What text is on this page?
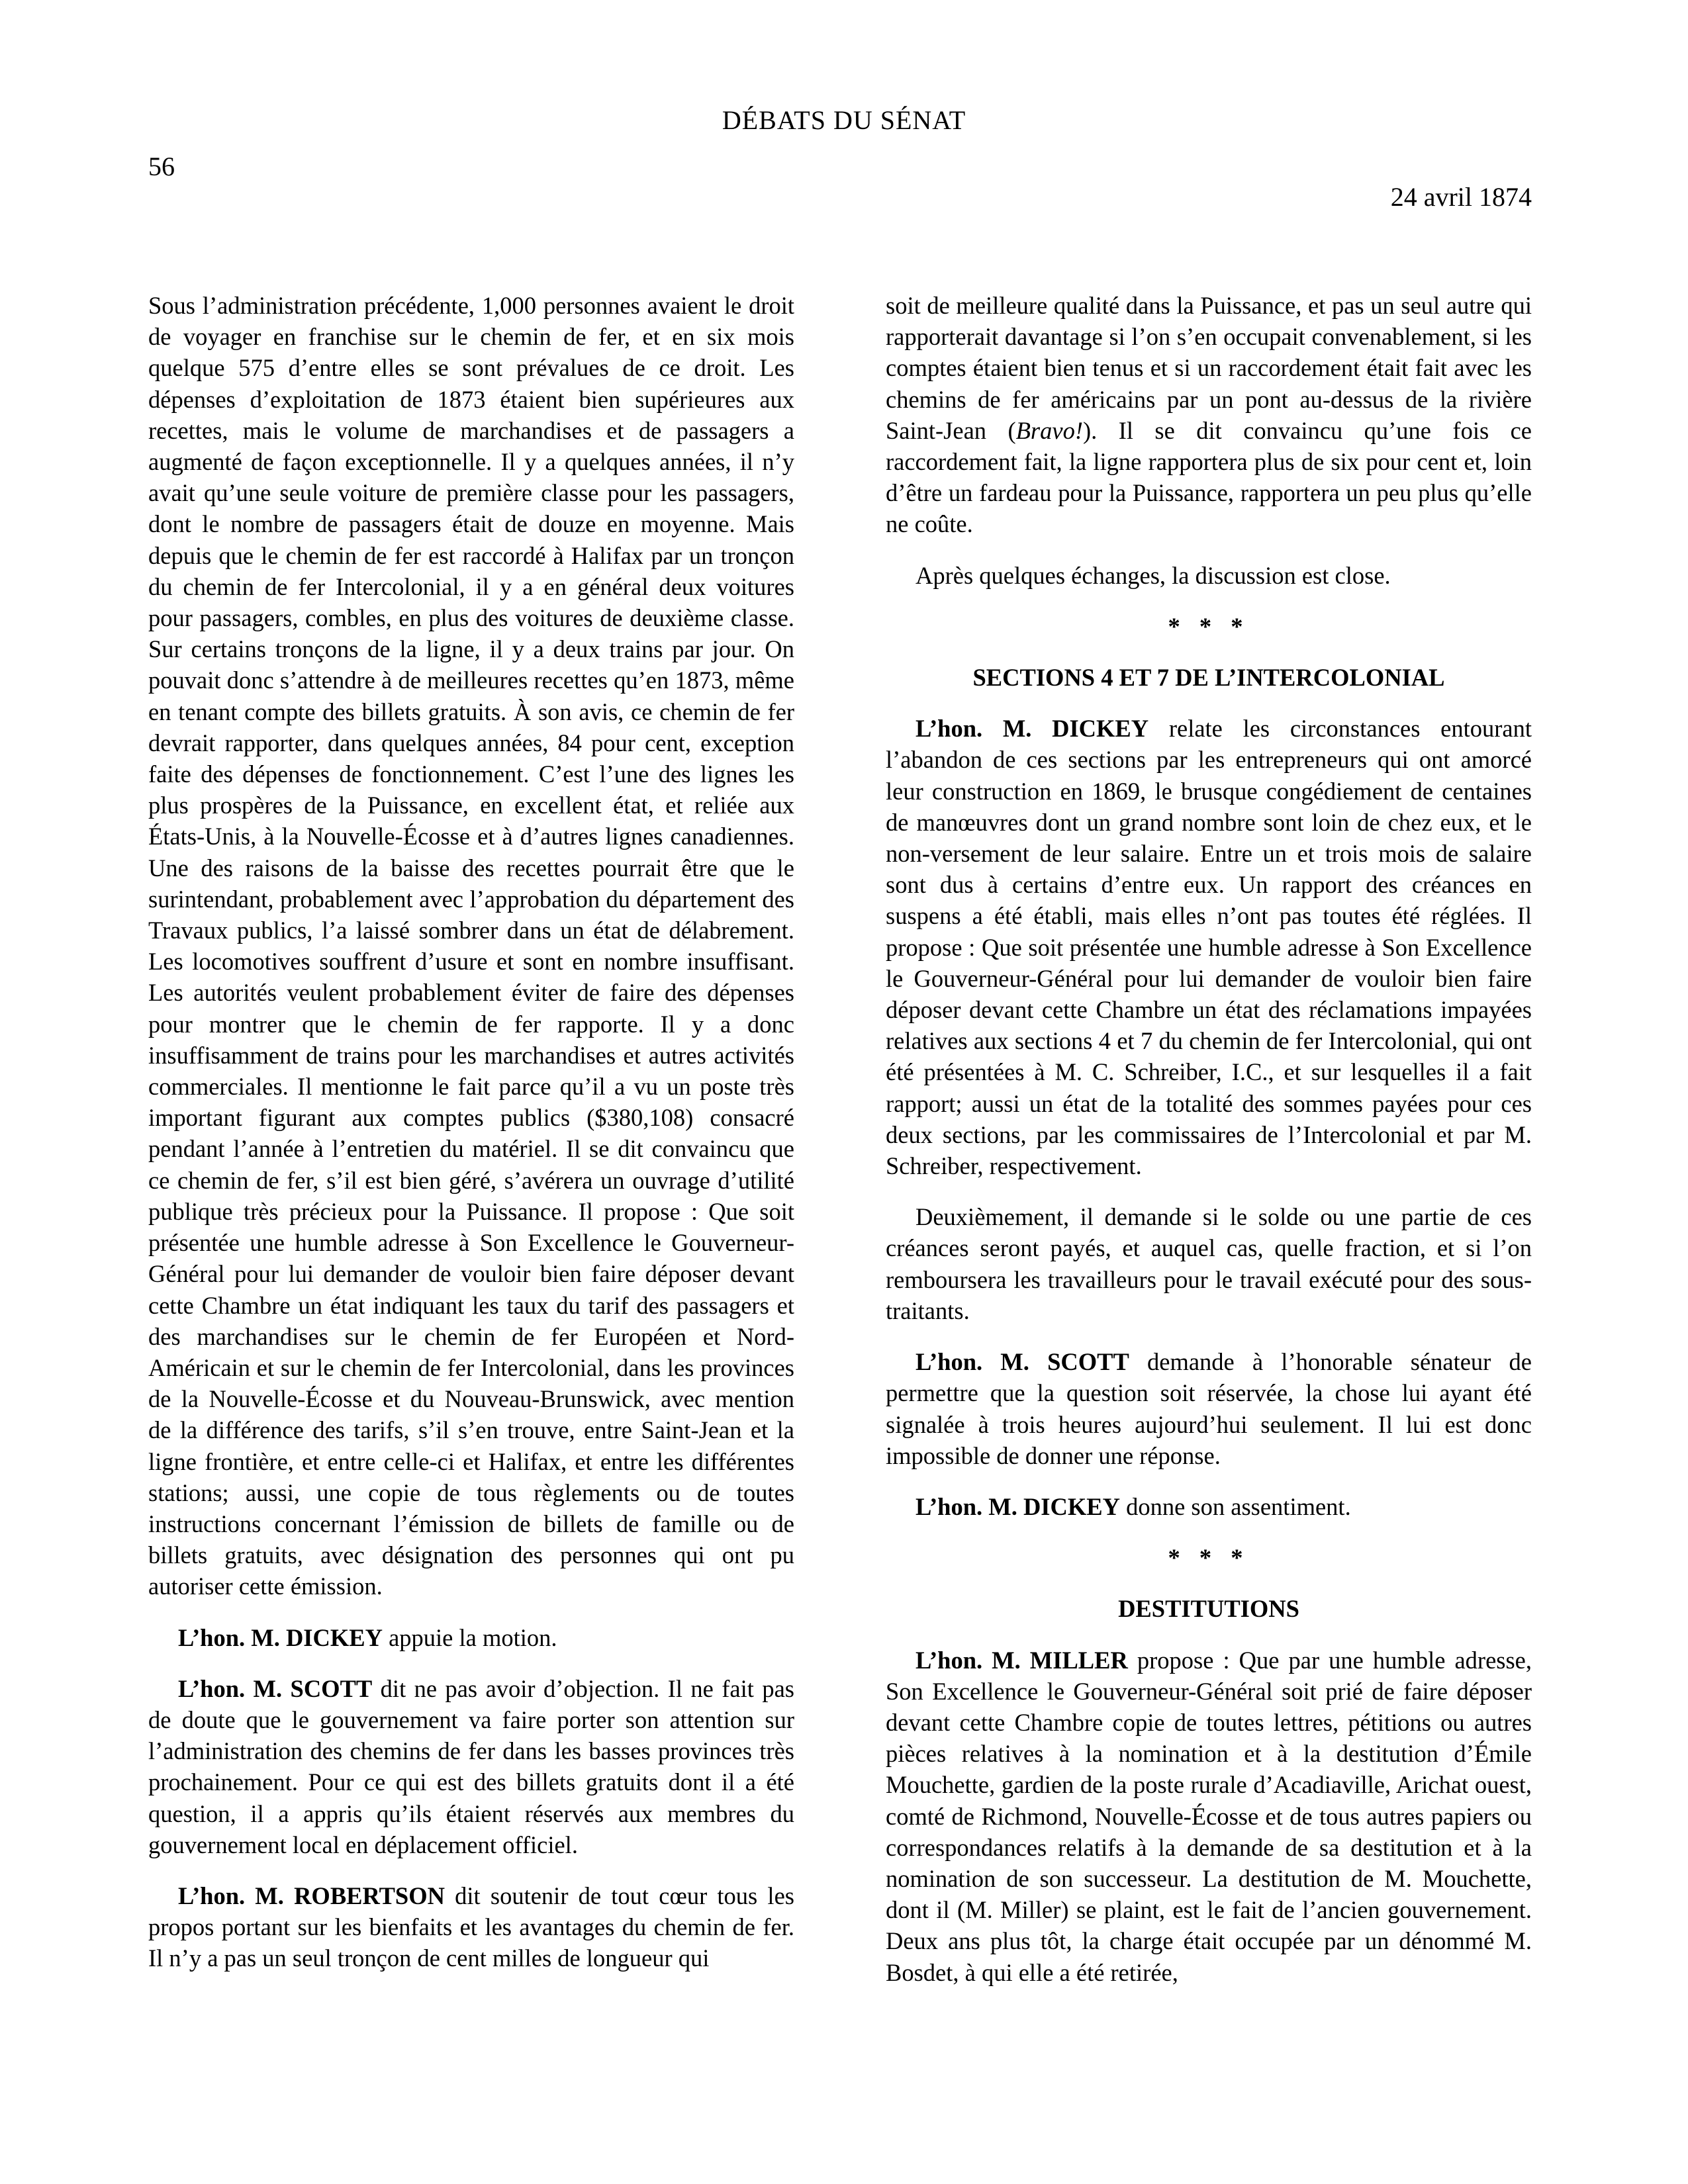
DÉBATS DU SÉNAT
56
24 avril 1874

Sous l’administration précédente, 1,000 personnes avaient le droit de voyager en franchise sur le chemin de fer, et en six mois quelque 575 d’entre elles se sont prévalues de ce droit. Les dépenses d’exploitation de 1873 étaient bien supérieures aux recettes, mais le volume de marchandises et de passagers a augmenté de façon exceptionnelle. Il y a quelques années, il n’y avait qu’une seule voiture de première classe pour les passagers, dont le nombre de passagers était de douze en moyenne. Mais depuis que le chemin de fer est raccordé à Halifax par un tronçon du chemin de fer Intercolonial, il y a en général deux voitures pour passagers, combles, en plus des voitures de deuxième classe. Sur certains tronçons de la ligne, il y a deux trains par jour. On pouvait donc s’attendre à de meilleures recettes qu’en 1873, même en tenant compte des billets gratuits. À son avis, ce chemin de fer devrait rapporter, dans quelques années, 84 pour cent, exception faite des dépenses de fonctionnement. C’est l’une des lignes les plus prospères de la Puissance, en excellent état, et reliée aux États-Unis, à la Nouvelle-Écosse et à d’autres lignes canadiennes. Une des raisons de la baisse des recettes pourrait être que le surintendant, probablement avec l’approbation du département des Travaux publics, l’a laissé sombrer dans un état de délabrement. Les locomotives souffrent d’usure et sont en nombre insuffisant. Les autorités veulent probablement éviter de faire des dépenses pour montrer que le chemin de fer rapporte. Il y a donc insuffisamment de trains pour les marchandises et autres activités commerciales. Il mentionne le fait parce qu’il a vu un poste très important figurant aux comptes publics ($380,108) consacré pendant l’année à l’entretien du matériel. Il se dit convaincu que ce chemin de fer, s’il est bien géré, s’avérera un ouvrage d’utilité publique très précieux pour la Puissance. Il propose : Que soit présentée une humble adresse à Son Excellence le Gouverneur-Général pour lui demander de vouloir bien faire déposer devant cette Chambre un état indiquant les taux du tarif des passagers et des marchandises sur le chemin de fer Européen et Nord-Américain et sur le chemin de fer Intercolonial, dans les provinces de la Nouvelle-Écosse et du Nouveau-Brunswick, avec mention de la différence des tarifs, s’il s’en trouve, entre Saint-Jean et la ligne frontière, et entre celle-ci et Halifax, et entre les différentes stations; aussi, une copie de tous règlements ou de toutes instructions concernant l’émission de billets de famille ou de billets gratuits, avec désignation des personnes qui ont pu autoriser cette émission.

L’hon. M. DICKEY appuie la motion.

L’hon. M. SCOTT dit ne pas avoir d’objection. Il ne fait pas de doute que le gouvernement va faire porter son attention sur l’administration des chemins de fer dans les basses provinces très prochainement. Pour ce qui est des billets gratuits dont il a été question, il a appris qu’ils étaient réservés aux membres du gouvernement local en déplacement officiel.

L’hon. M. ROBERTSON dit soutenir de tout cœur tous les propos portant sur les bienfaits et les avantages du chemin de fer. Il n’y a pas un seul tronçon de cent milles de longueur qui

soit de meilleure qualité dans la Puissance, et pas un seul autre qui rapporterait davantage si l’on s’en occupait convenablement, si les comptes étaient bien tenus et si un raccordement était fait avec les chemins de fer américains par un pont au-dessus de la rivière Saint-Jean (Bravo!). Il se dit convaincu qu’une fois ce raccordement fait, la ligne rapportera plus de six pour cent et, loin d’être un fardeau pour la Puissance, rapportera un peu plus qu’elle ne coûte.

Après quelques échanges, la discussion est close.

* * *
SECTIONS 4 ET 7 DE L’INTERCOLONIAL

L’hon. M. DICKEY relate les circonstances entourant l’abandon de ces sections par les entrepreneurs qui ont amorcé leur construction en 1869, le brusque congédiement de centaines de manœuvres dont un grand nombre sont loin de chez eux, et le non-versement de leur salaire. Entre un et trois mois de salaire sont dus à certains d’entre eux. Un rapport des créances en suspens a été établi, mais elles n’ont pas toutes été réglées. Il propose : Que soit présentée une humble adresse à Son Excellence le Gouverneur-Général pour lui demander de vouloir bien faire déposer devant cette Chambre un état des réclamations impayées relatives aux sections 4 et 7 du chemin de fer Intercolonial, qui ont été présentées à M. C. Schreiber, I.C., et sur lesquelles il a fait rapport; aussi un état de la totalité des sommes payées pour ces deux sections, par les commissaires de l’Intercolonial et par M. Schreiber, respectivement.

Deuxièmement, il demande si le solde ou une partie de ces créances seront payés, et auquel cas, quelle fraction, et si l’on remboursera les travailleurs pour le travail exécuté pour des sous-traitants.

L’hon. M. SCOTT demande à l’honorable sénateur de permettre que la question soit réservée, la chose lui ayant été signalée à trois heures aujourd’hui seulement. Il lui est donc impossible de donner une réponse.

L’hon. M. DICKEY donne son assentiment.

* * *
DESTITUTIONS

L’hon. M. MILLER propose : Que par une humble adresse, Son Excellence le Gouverneur-Général soit prié de faire déposer devant cette Chambre copie de toutes lettres, pétitions ou autres pièces relatives à la nomination et à la destitution d’Émile Mouchette, gardien de la poste rurale d’Acadiaville, Arichat ouest, comté de Richmond, Nouvelle-Écosse et de tous autres papiers ou correspondances relatifs à la demande de sa destitution et à la nomination de son successeur. La destitution de M. Mouchette, dont il (M. Miller) se plaint, est le fait de l’ancien gouvernement. Deux ans plus tôt, la charge était occupée par un dénommé M. Bosdet, à qui elle a été retirée,
